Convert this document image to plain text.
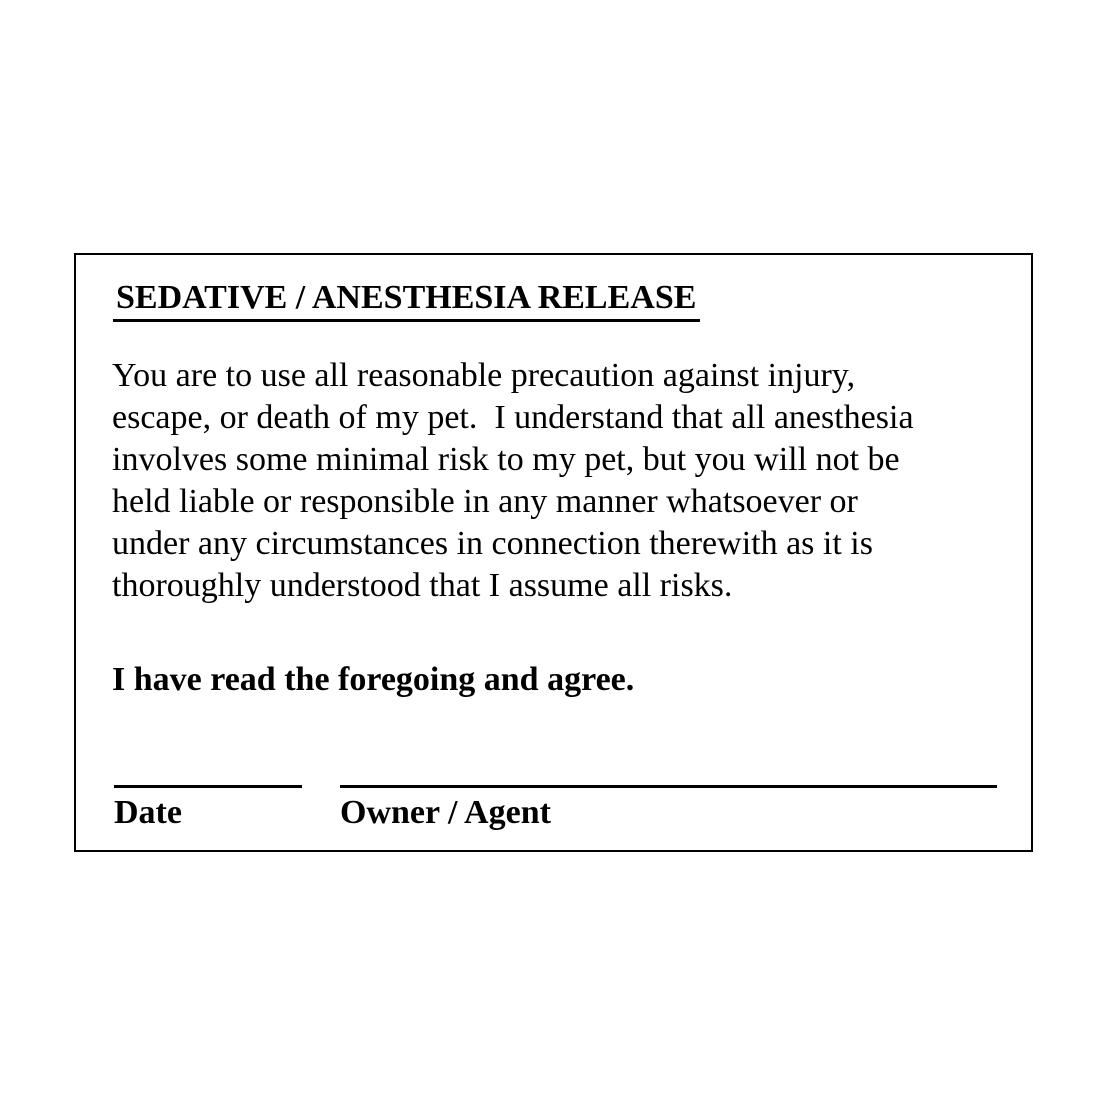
SEDATIVE / ANESTHESIA RELEASE
You are to use all reasonable precaution against injury,
escape, or death of my pet.  I understand that all anesthesia
involves some minimal risk to my pet, but you will not be
held liable or responsible in any manner whatsoever or
under any circumstances in connection therewith as it is
thoroughly understood that I assume all risks.
I have read the foregoing and agree.
Date	Owner / Agent
